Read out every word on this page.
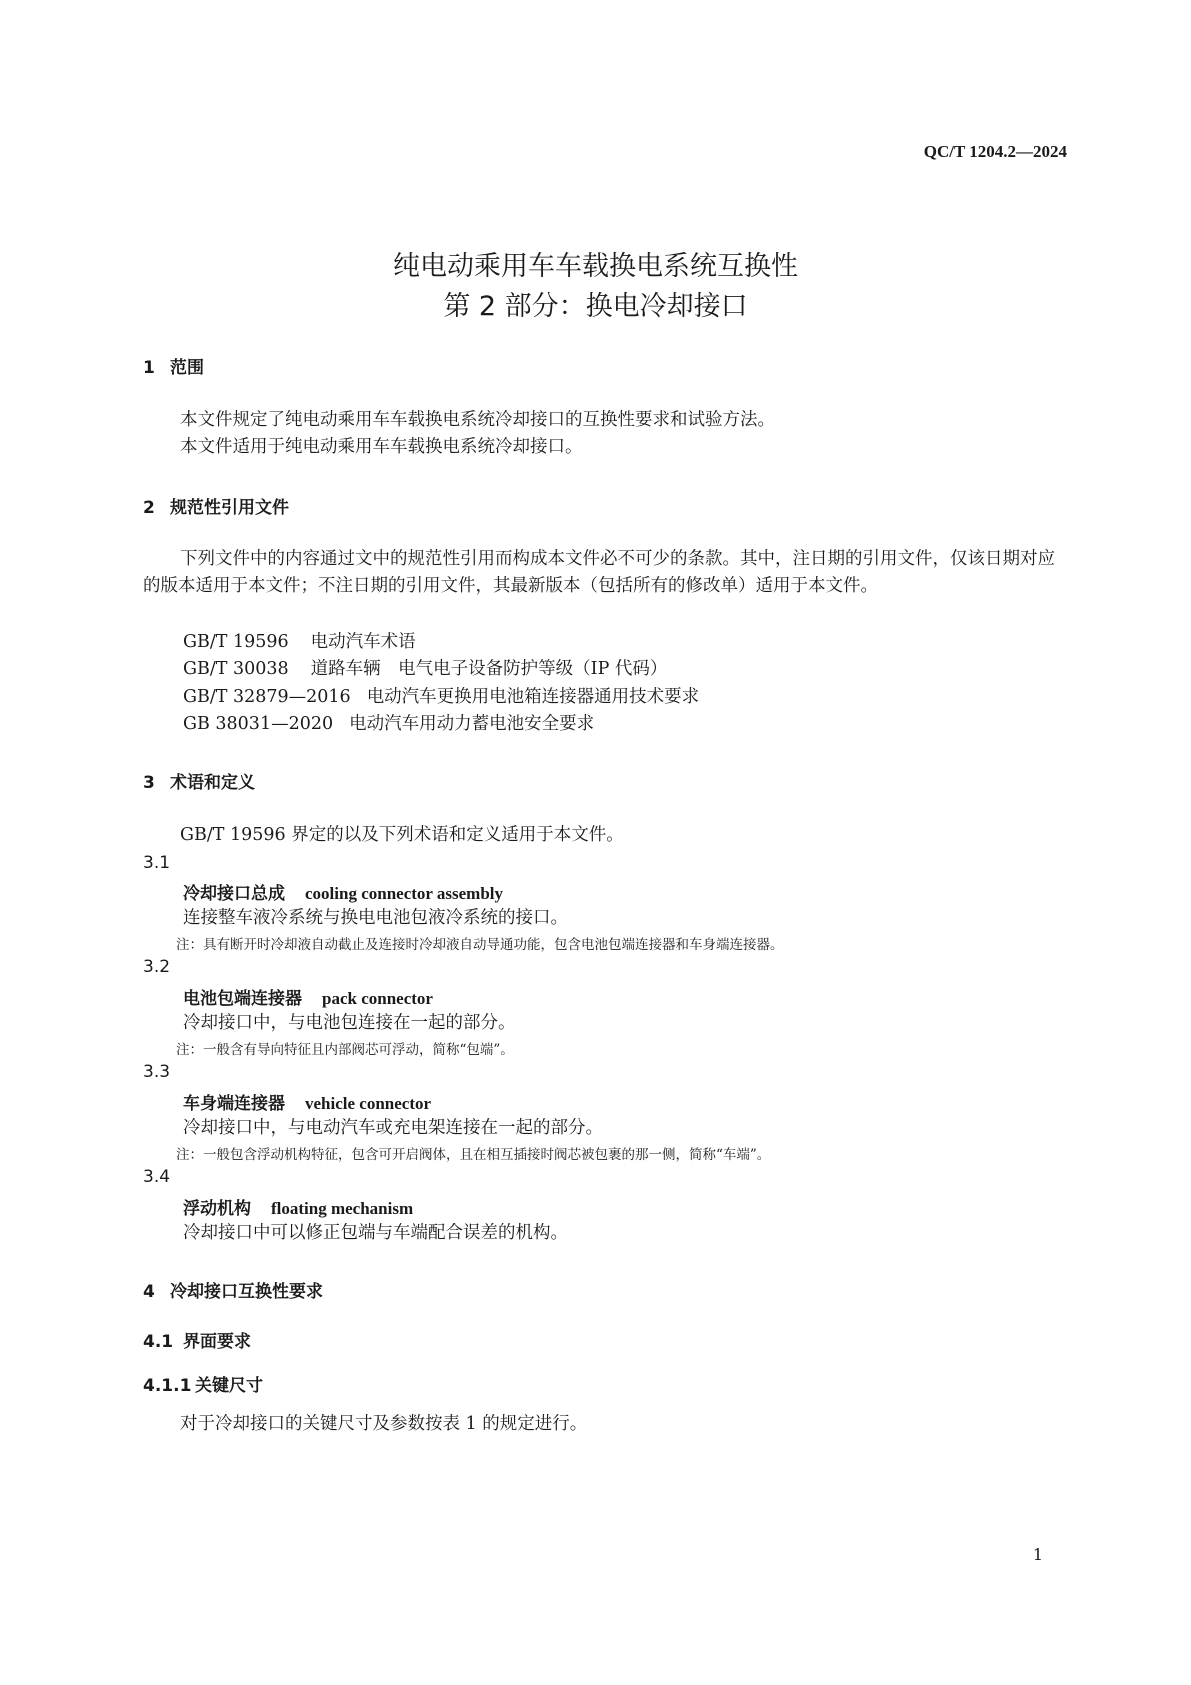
QC/T 1204.2—2024
纯电动乘用车车载换电系统互换性
第 2 部分：换电冷却接口
1 范围
本文件规定了纯电动乘用车车载换电系统冷却接口的互换性要求和试验方法。
本文件适用于纯电动乘用车车载换电系统冷却接口。
2 规范性引用文件
下列文件中的内容通过文中的规范性引用而构成本文件必不可少的条款。其中，注日期的引用文件，仅该日期对应的版本适用于本文件；不注日期的引用文件，其最新版本（包括所有的修改单）适用于本文件。
GB/T 19596 电动汽车术语
GB/T 30038 道路车辆　电气电子设备防护等级（IP 代码）
GB/T 32879—2016 电动汽车更换用电池箱连接器通用技术要求
GB 38031—2020 电动汽车用动力蓄电池安全要求
3 术语和定义
GB/T 19596 界定的以及下列术语和定义适用于本文件。
3.1
冷却接口总成 cooling connector assembly
连接整车液冷系统与换电电池包液冷系统的接口。
注：具有断开时冷却液自动截止及连接时冷却液自动导通功能，包含电池包端连接器和车身端连接器。
3.2
电池包端连接器 pack connector
冷却接口中，与电池包连接在一起的部分。
注：一般含有导向特征且内部阀芯可浮动，简称“包端”。
3.3
车身端连接器 vehicle connector
冷却接口中，与电动汽车或充电架连接在一起的部分。
注：一般包含浮动机构特征，包含可开启阀体，且在相互插接时阀芯被包裹的那一侧，简称“车端”。
3.4
浮动机构 floating mechanism
冷却接口中可以修正包端与车端配合误差的机构。
4 冷却接口互换性要求
4.1 界面要求
4.1.1 关键尺寸
对于冷却接口的关键尺寸及参数按表 1 的规定进行。
1
